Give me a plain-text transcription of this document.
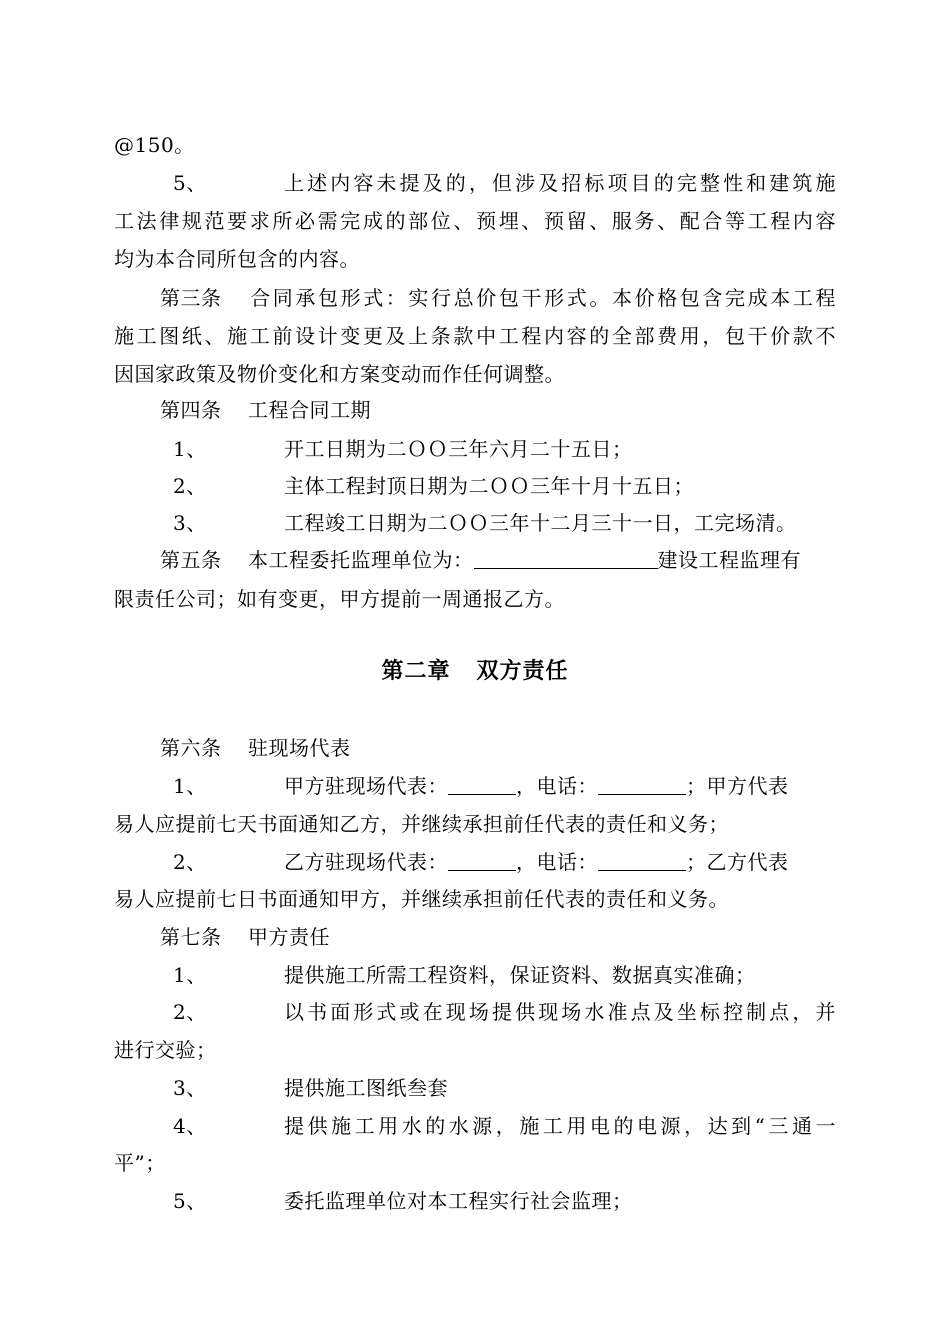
@150。
5、	上述内容未提及的，但涉及招标项目的完整性和建筑施
工法律规范要求所必需完成的部位、预埋、预留、服务、配合等工程内容
均为本合同所包含的内容。
第三条 合同承包形式：实行总价包干形式。本价格包含完成本工程
施工图纸、施工前设计变更及上条款中工程内容的全部费用，包干价款不
因国家政策及物价变化和方案变动而作任何调整。
第四条 工程合同工期
1、	开工日期为二ＯＯ三年六月二十五日；
2、	主体工程封顶日期为二ＯＯ三年十月十五日；
3、	工程竣工日期为二ＯＯ三年十二月三十一日，工完场清。
第五条 本工程委托监理单位为：	建设工程监理有
限责任公司；如有变更，甲方提前一周通报乙方。
第二章 双方责任
第六条 驻现场代表
1、	甲方驻现场代表：	，电话：	；甲方代表
易人应提前七天书面通知乙方，并继续承担前任代表的责任和义务；
2、	乙方驻现场代表：	，电话：	；乙方代表
易人应提前七日书面通知甲方，并继续承担前任代表的责任和义务。
第七条 甲方责任
1、	提供施工所需工程资料，保证资料、数据真实准确；
2、	以书面形式或在现场提供现场水准点及坐标控制点，并
进行交验；
3、	提供施工图纸叁套
4、	提供施工用水的水源，施工用电的电源，达到“三通一
平”；
5、	委托监理单位对本工程实行社会监理；
